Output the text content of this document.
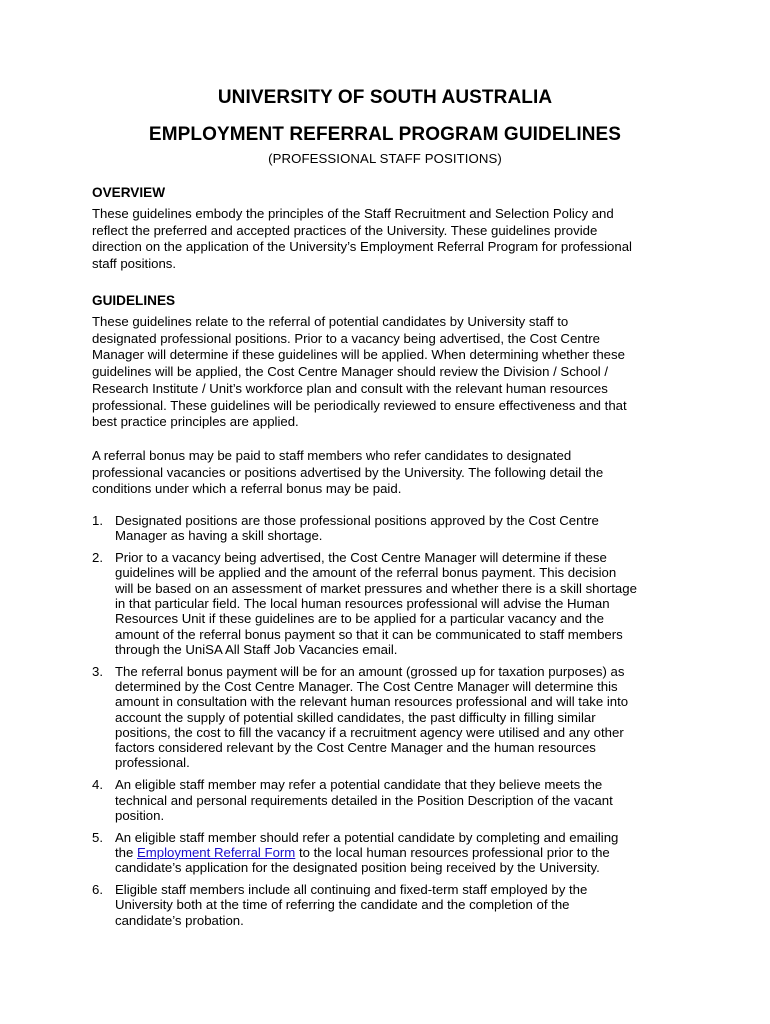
UNIVERSITY OF SOUTH AUSTRALIA
EMPLOYMENT REFERRAL PROGRAM GUIDELINES
(PROFESSIONAL STAFF POSITIONS)
OVERVIEW

These guidelines embody the principles of the Staff Recruitment and Selection Policy and
reflect the preferred and accepted practices of the University. These guidelines provide
direction on the application of the University’s Employment Referral Program for professional
staff positions.

GUIDELINES

These guidelines relate to the referral of potential candidates by University staff to
designated professional positions. Prior to a vacancy being advertised, the Cost Centre
Manager will determine if these guidelines will be applied. When determining whether these
guidelines will be applied, the Cost Centre Manager should review the Division / School /
Research Institute / Unit’s workforce plan and consult with the relevant human resources
professional. These guidelines will be periodically reviewed to ensure effectiveness and that
best practice principles are applied.

A referral bonus may be paid to staff members who refer candidates to designated
professional vacancies or positions advertised by the University. The following detail the
conditions under which a referral bonus may be paid.

1. Designated positions are those professional positions approved by the Cost Centre
Manager as having a skill shortage.
2. Prior to a vacancy being advertised, the Cost Centre Manager will determine if these
guidelines will be applied and the amount of the referral bonus payment. This decision
will be based on an assessment of market pressures and whether there is a skill shortage
in that particular field. The local human resources professional will advise the Human
Resources Unit if these guidelines are to be applied for a particular vacancy and the
amount of the referral bonus payment so that it can be communicated to staff members
through the UniSA All Staff Job Vacancies email.
3. The referral bonus payment will be for an amount (grossed up for taxation purposes) as
determined by the Cost Centre Manager. The Cost Centre Manager will determine this
amount in consultation with the relevant human resources professional and will take into
account the supply of potential skilled candidates, the past difficulty in filling similar
positions, the cost to fill the vacancy if a recruitment agency were utilised and any other
factors considered relevant by the Cost Centre Manager and the human resources
professional.
4. An eligible staff member may refer a potential candidate that they believe meets the
technical and personal requirements detailed in the Position Description of the vacant
position.
5. An eligible staff member should refer a potential candidate by completing and emailing
the Employment Referral Form to the local human resources professional prior to the
candidate’s application for the designated position being received by the University.
6. Eligible staff members include all continuing and fixed-term staff employed by the
University both at the time of referring the candidate and the completion of the
candidate’s probation.
